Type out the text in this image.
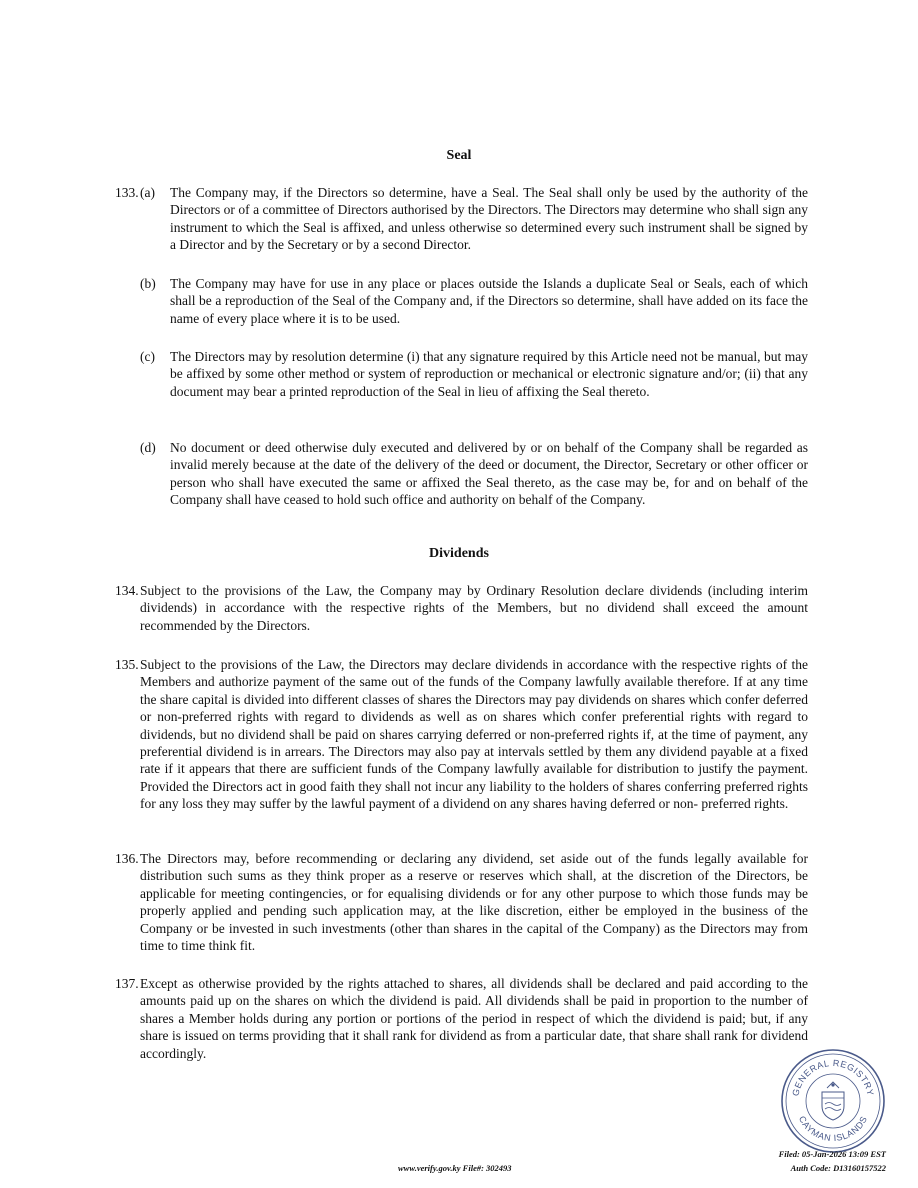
Seal
133. (a) The Company may, if the Directors so determine, have a Seal. The Seal shall only be used by the authority of the Directors or of a committee of Directors authorised by the Directors. The Directors may determine who shall sign any instrument to which the Seal is affixed, and unless otherwise so determined every such instrument shall be signed by a Director and by the Secretary or by a second Director.
(b) The Company may have for use in any place or places outside the Islands a duplicate Seal or Seals, each of which shall be a reproduction of the Seal of the Company and, if the Directors so determine, shall have added on its face the name of every place where it is to be used.
(c) The Directors may by resolution determine (i) that any signature required by this Article need not be manual, but may be affixed by some other method or system of reproduction or mechanical or electronic signature and/or; (ii) that any document may bear a printed reproduction of the Seal in lieu of affixing the Seal thereto.
(d) No document or deed otherwise duly executed and delivered by or on behalf of the Company shall be regarded as invalid merely because at the date of the delivery of the deed or document, the Director, Secretary or other officer or person who shall have executed the same or affixed the Seal thereto, as the case may be, for and on behalf of the Company shall have ceased to hold such office and authority on behalf of the Company.
Dividends
134. Subject to the provisions of the Law, the Company may by Ordinary Resolution declare dividends (including interim dividends) in accordance with the respective rights of the Members, but no dividend shall exceed the amount recommended by the Directors.
135. Subject to the provisions of the Law, the Directors may declare dividends in accordance with the respective rights of the Members and authorize payment of the same out of the funds of the Company lawfully available therefore. If at any time the share capital is divided into different classes of shares the Directors may pay dividends on shares which confer deferred or non-preferred rights with regard to dividends as well as on shares which confer preferential rights with regard to dividends, but no dividend shall be paid on shares carrying deferred or non-preferred rights if, at the time of payment, any preferential dividend is in arrears. The Directors may also pay at intervals settled by them any dividend payable at a fixed rate if it appears that there are sufficient funds of the Company lawfully available for distribution to justify the payment. Provided the Directors act in good faith they shall not incur any liability to the holders of shares conferring preferred rights for any loss they may suffer by the lawful payment of a dividend on any shares having deferred or non- preferred rights.
136. The Directors may, before recommending or declaring any dividend, set aside out of the funds legally available for distribution such sums as they think proper as a reserve or reserves which shall, at the discretion of the Directors, be applicable for meeting contingencies, or for equalising dividends or for any other purpose to which those funds may be properly applied and pending such application may, at the like discretion, either be employed in the business of the Company or be invested in such investments (other than shares in the capital of the Company) as the Directors may from time to time think fit.
137. Except as otherwise provided by the rights attached to shares, all dividends shall be declared and paid according to the amounts paid up on the shares on which the dividend is paid. All dividends shall be paid in proportion to the number of shares a Member holds during any portion or portions of the period in respect of which the dividend is paid; but, if any share is issued on terms providing that it shall rank for dividend as from a particular date, that share shall rank for dividend accordingly.
GENERAL REGISTRY
CAYMAN ISLANDS
www.verify.gov.ky File#: 302493
Filed: 05-Jan-2026 13:09 EST
Auth Code: D13160157522
